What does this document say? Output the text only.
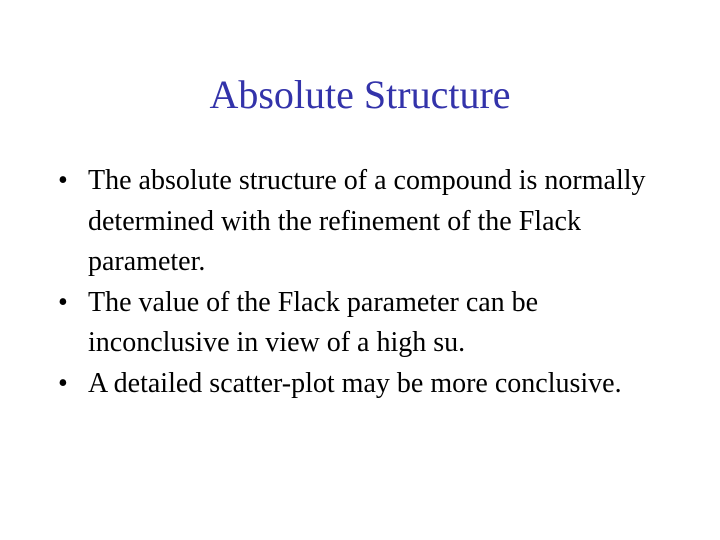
Absolute Structure
• The absolute structure of a compound is normally determined with the refinement of the Flack parameter.
• The value of the Flack parameter can be inconclusive in view of a high su.
• A detailed scatter-plot may be more conclusive.
